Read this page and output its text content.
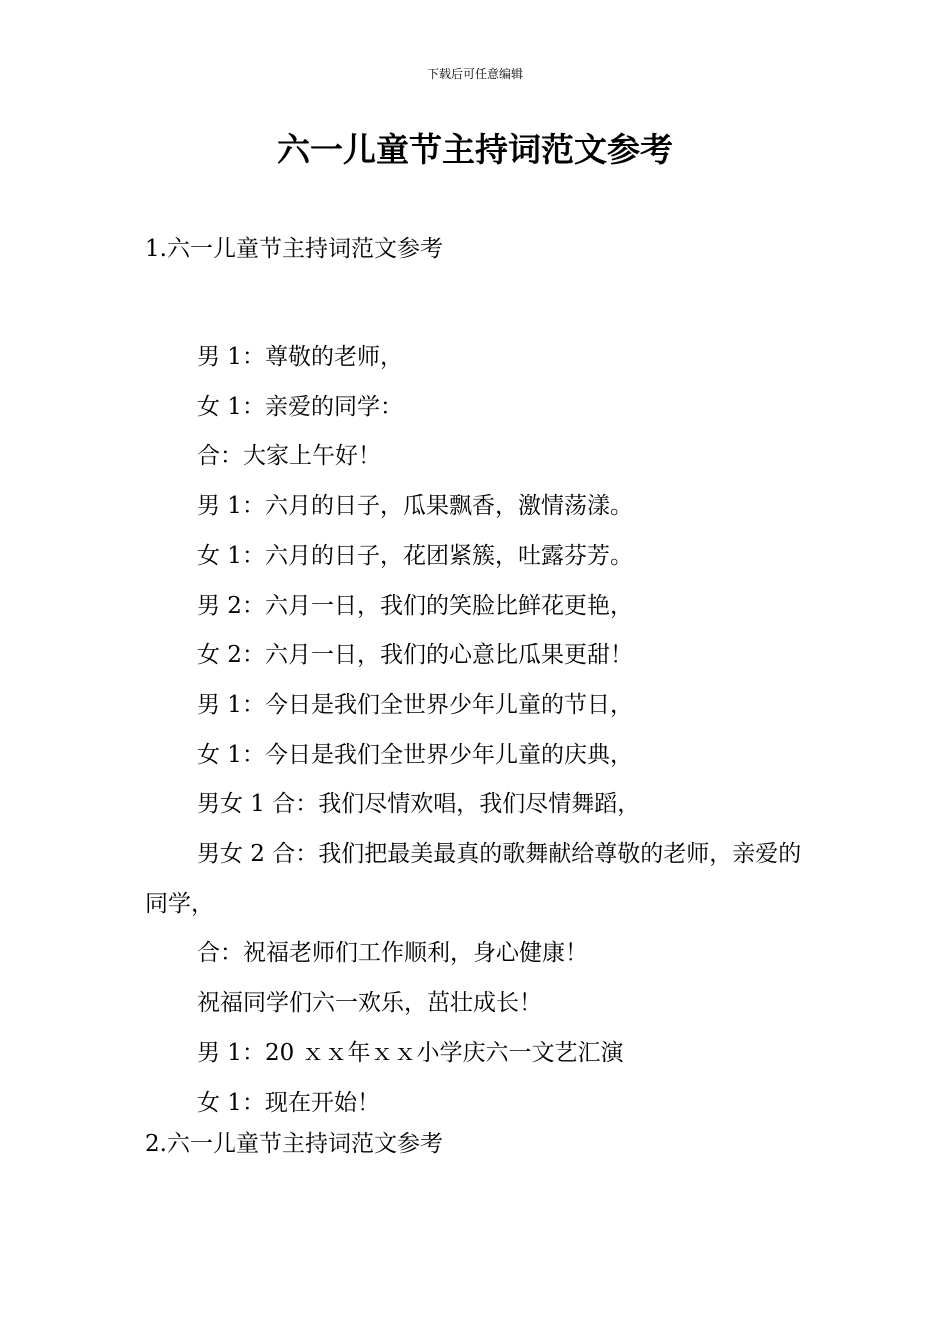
下载后可任意编辑
六一儿童节主持词范文参考
1.六一儿童节主持词范文参考
男 1：尊敬的老师，
女 1：亲爱的同学：
合：大家上午好！
男 1：六月的日子，瓜果飘香，激情荡漾。
女 1：六月的日子，花团紧簇，吐露芬芳。
男 2：六月一日，我们的笑脸比鲜花更艳，
女 2：六月一日，我们的心意比瓜果更甜！
男 1：今日是我们全世界少年儿童的节日，
女 1：今日是我们全世界少年儿童的庆典，
男女 1 合：我们尽情欢唱，我们尽情舞蹈，
男女 2 合：我们把最美最真的歌舞献给尊敬的老师，亲爱的同学，
合：祝福老师们工作顺利，身心健康！
祝福同学们六一欢乐，茁壮成长！
男 1：20 ｘｘ年ｘｘ小学庆六一文艺汇演
女 1：现在开始！
2.六一儿童节主持词范文参考
